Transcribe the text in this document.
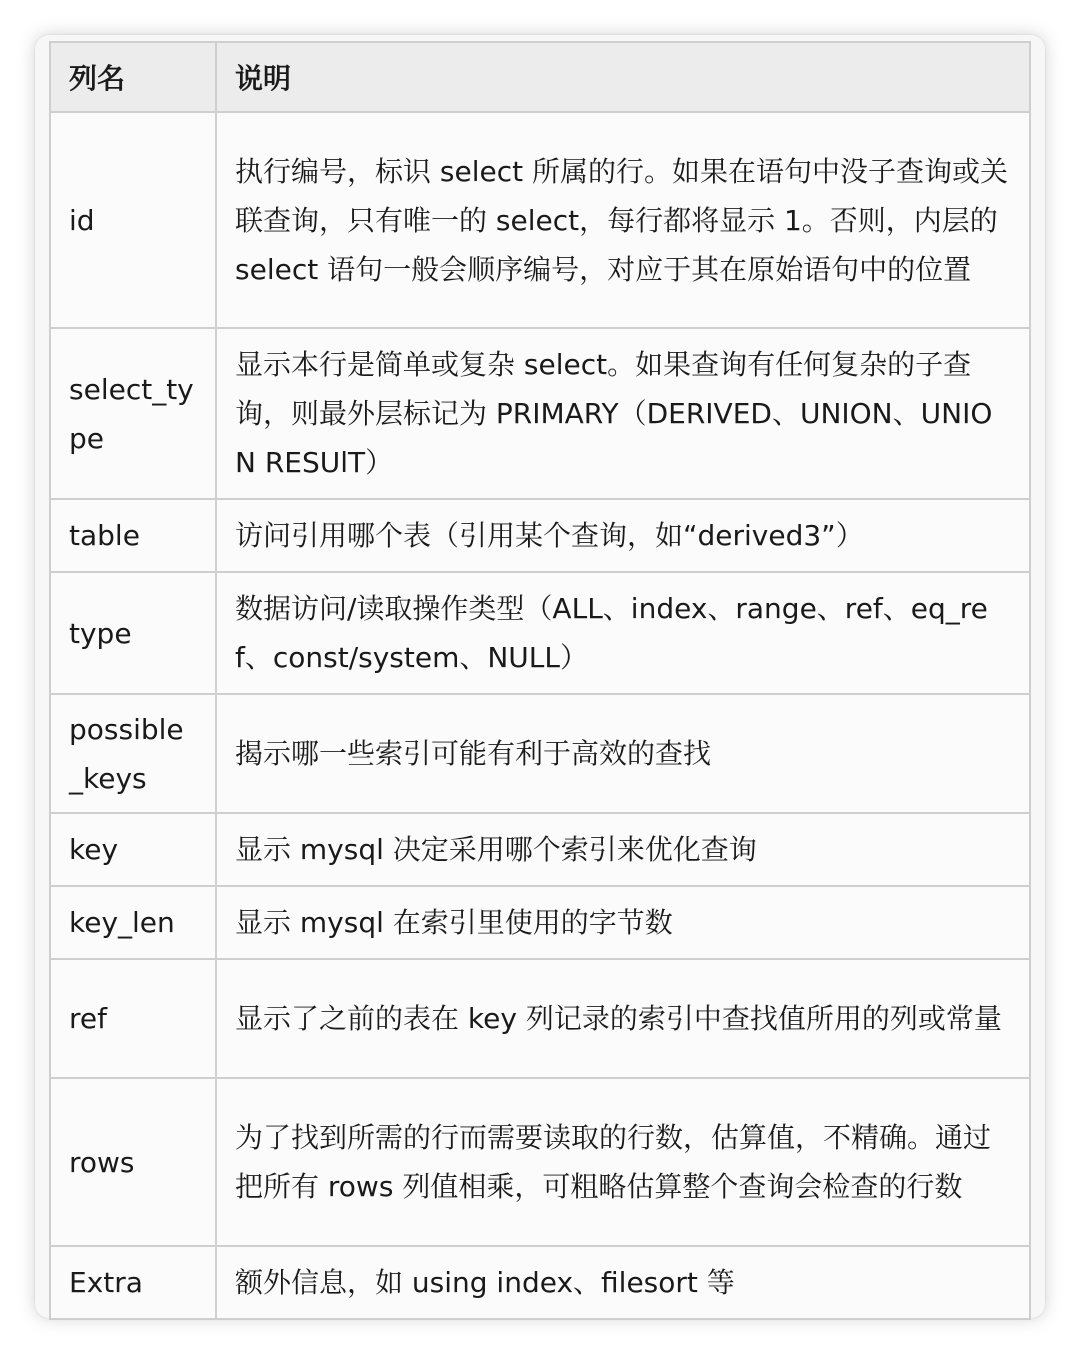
列名	说明
id	执行编号，标识 select 所属的行。如果在语句中没子查询或关联查询，只有唯一的 select，每行都将显示 1。否则，内层的 select 语句一般会顺序编号，对应于其在原始语句中的位置
select_type	显示本行是简单或复杂 select。如果查询有任何复杂的子查询，则最外层标记为 PRIMARY（DERIVED、UNION、UNION RESUlT）
table	访问引用哪个表（引用某个查询，如“derived3”）
type	数据访问/读取操作类型（ALL、index、range、ref、eq_ref、const/system、NULL）
possible_keys	揭示哪一些索引可能有利于高效的查找
key	显示 mysql 决定采用哪个索引来优化查询
key_len	显示 mysql 在索引里使用的字节数
ref	显示了之前的表在 key 列记录的索引中查找值所用的列或常量
rows	为了找到所需的行而需要读取的行数，估算值，不精确。通过把所有 rows 列值相乘，可粗略估算整个查询会检查的行数
Extra	额外信息，如 using index、filesort 等
